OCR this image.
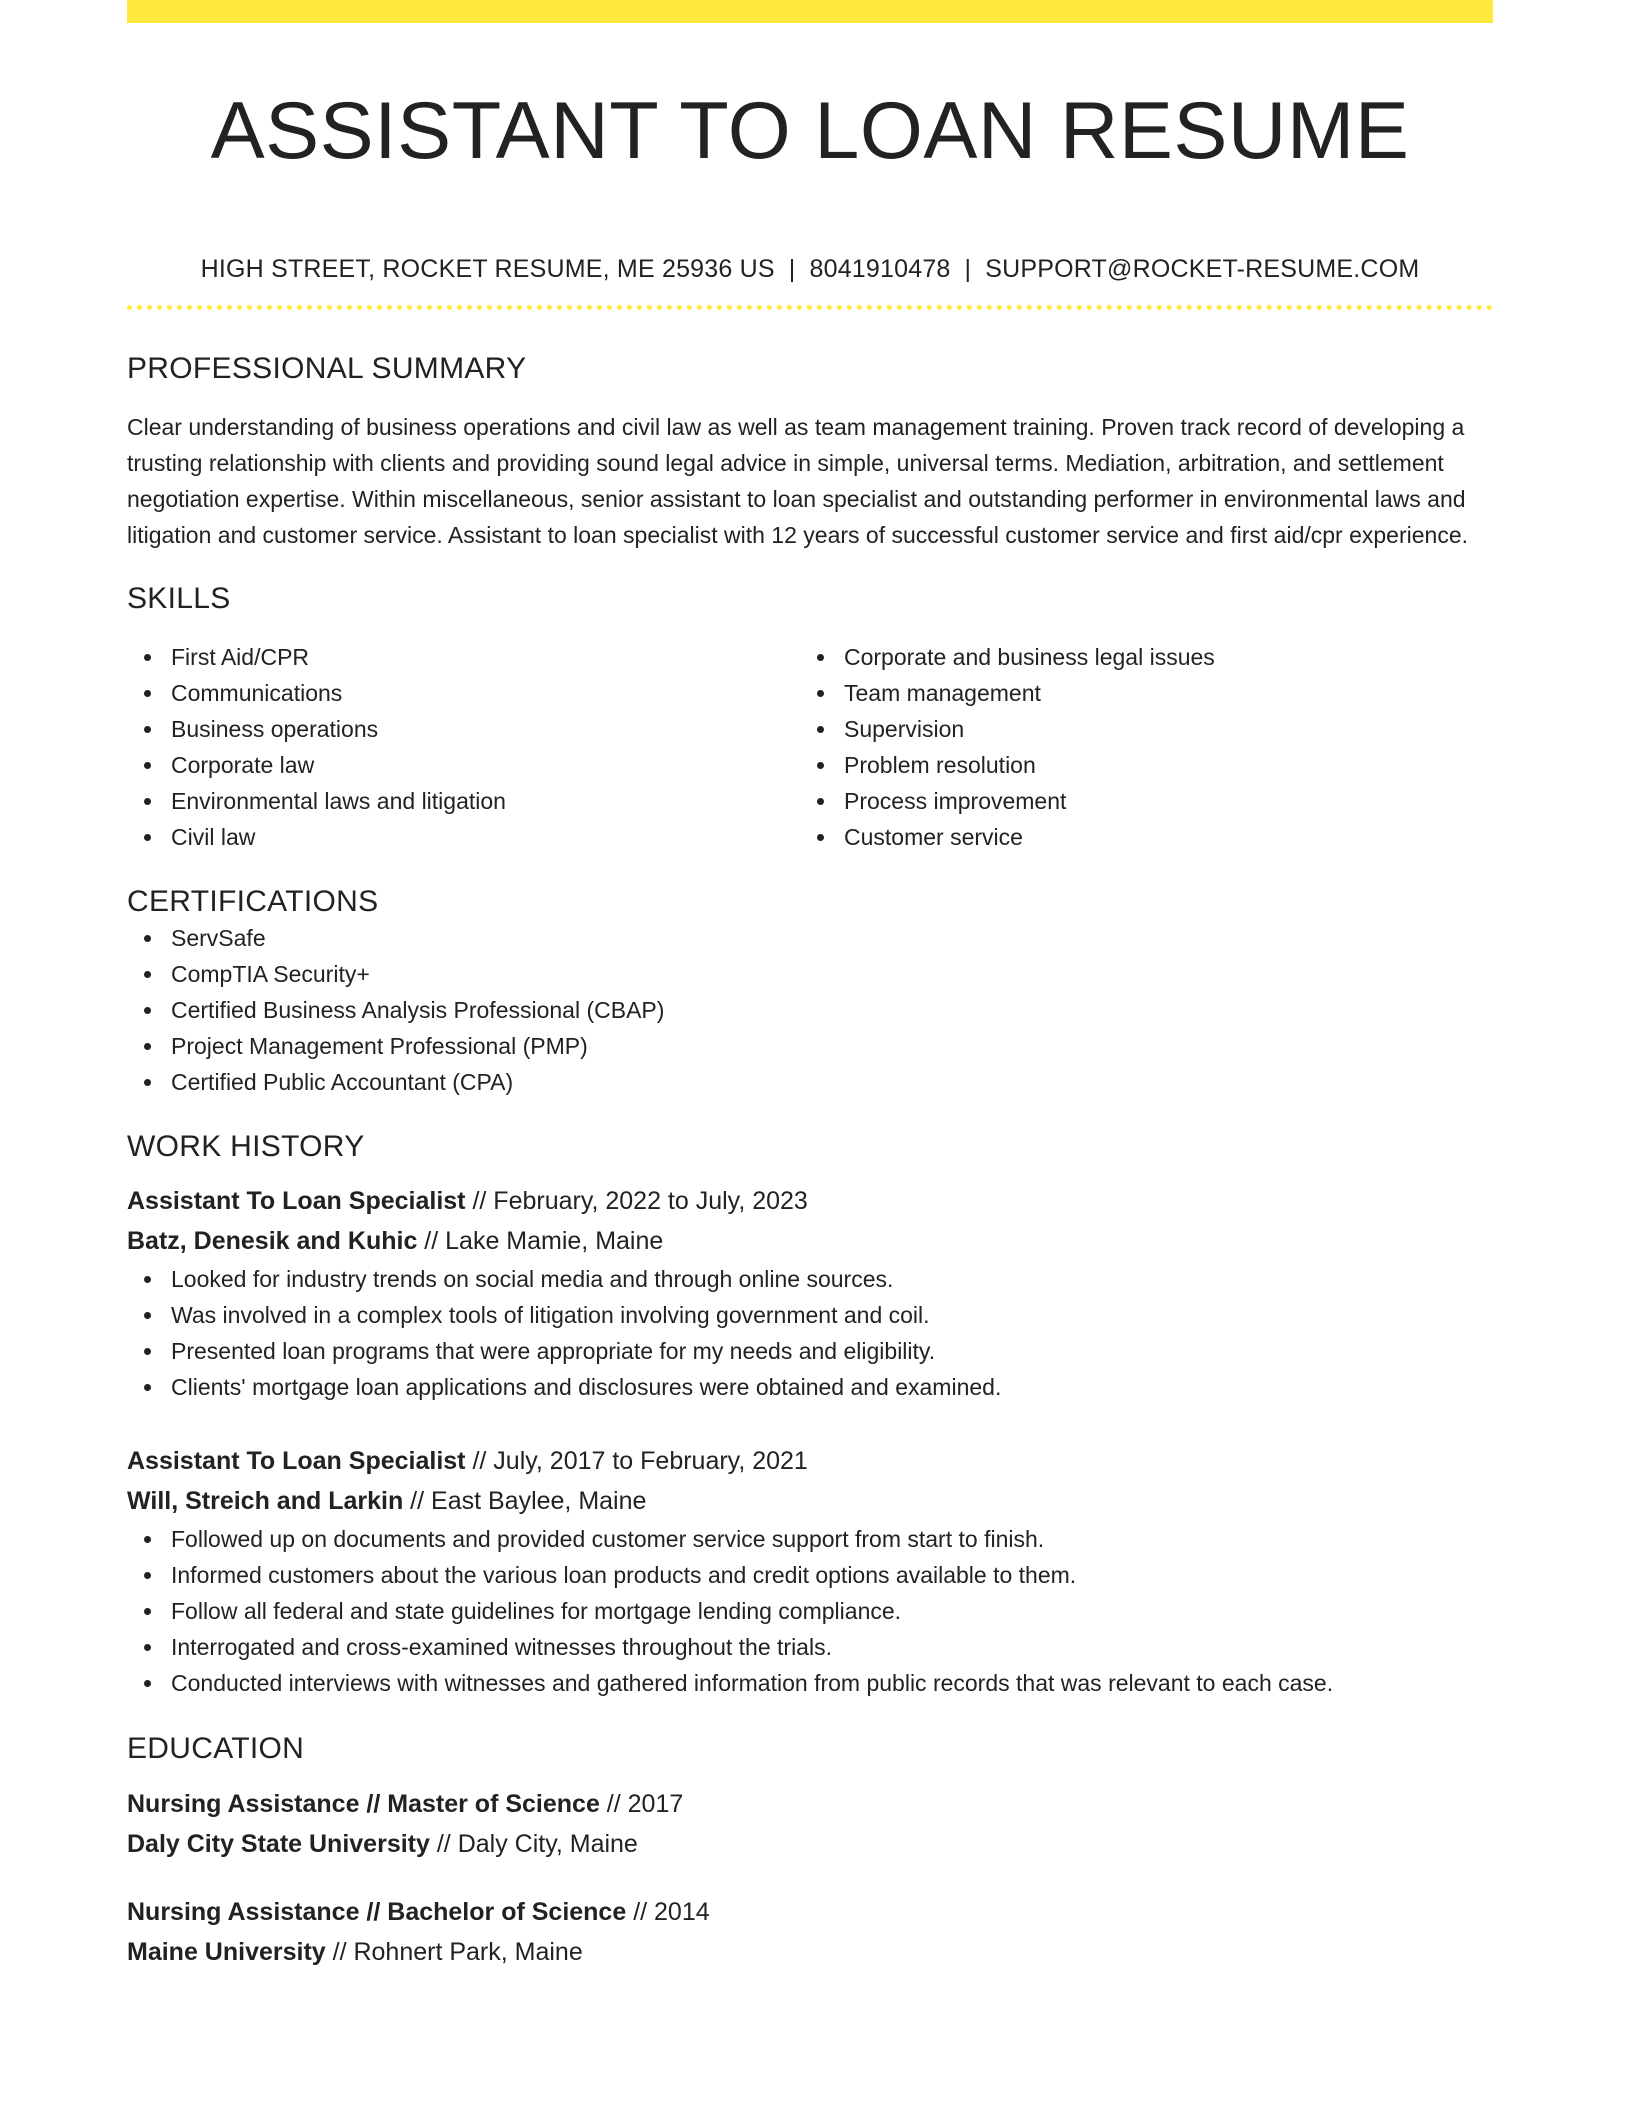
ASSISTANT TO LOAN RESUME
HIGH STREET, ROCKET RESUME, ME 25936 US | 8041910478 | SUPPORT@ROCKET-RESUME.COM
PROFESSIONAL SUMMARY
Clear understanding of business operations and civil law as well as team management training. Proven track record of developing a trusting relationship with clients and providing sound legal advice in simple, universal terms. Mediation, arbitration, and settlement negotiation expertise. Within miscellaneous, senior assistant to loan specialist and outstanding performer in environmental laws and litigation and customer service. Assistant to loan specialist with 12 years of successful customer service and first aid/cpr experience.
SKILLS
First Aid/CPR
Communications
Business operations
Corporate law
Environmental laws and litigation
Civil law
Corporate and business legal issues
Team management
Supervision
Problem resolution
Process improvement
Customer service
CERTIFICATIONS
ServSafe
CompTIA Security+
Certified Business Analysis Professional (CBAP)
Project Management Professional (PMP)
Certified Public Accountant (CPA)
WORK HISTORY
Assistant To Loan Specialist // February, 2022 to July, 2023
Batz, Denesik and Kuhic // Lake Mamie, Maine
Looked for industry trends on social media and through online sources.
Was involved in a complex tools of litigation involving government and coil.
Presented loan programs that were appropriate for my needs and eligibility.
Clients' mortgage loan applications and disclosures were obtained and examined.
Assistant To Loan Specialist // July, 2017 to February, 2021
Will, Streich and Larkin // East Baylee, Maine
Followed up on documents and provided customer service support from start to finish.
Informed customers about the various loan products and credit options available to them.
Follow all federal and state guidelines for mortgage lending compliance.
Interrogated and cross-examined witnesses throughout the trials.
Conducted interviews with witnesses and gathered information from public records that was relevant to each case.
EDUCATION
Nursing Assistance // Master of Science // 2017
Daly City State University // Daly City, Maine
Nursing Assistance // Bachelor of Science // 2014
Maine University // Rohnert Park, Maine
